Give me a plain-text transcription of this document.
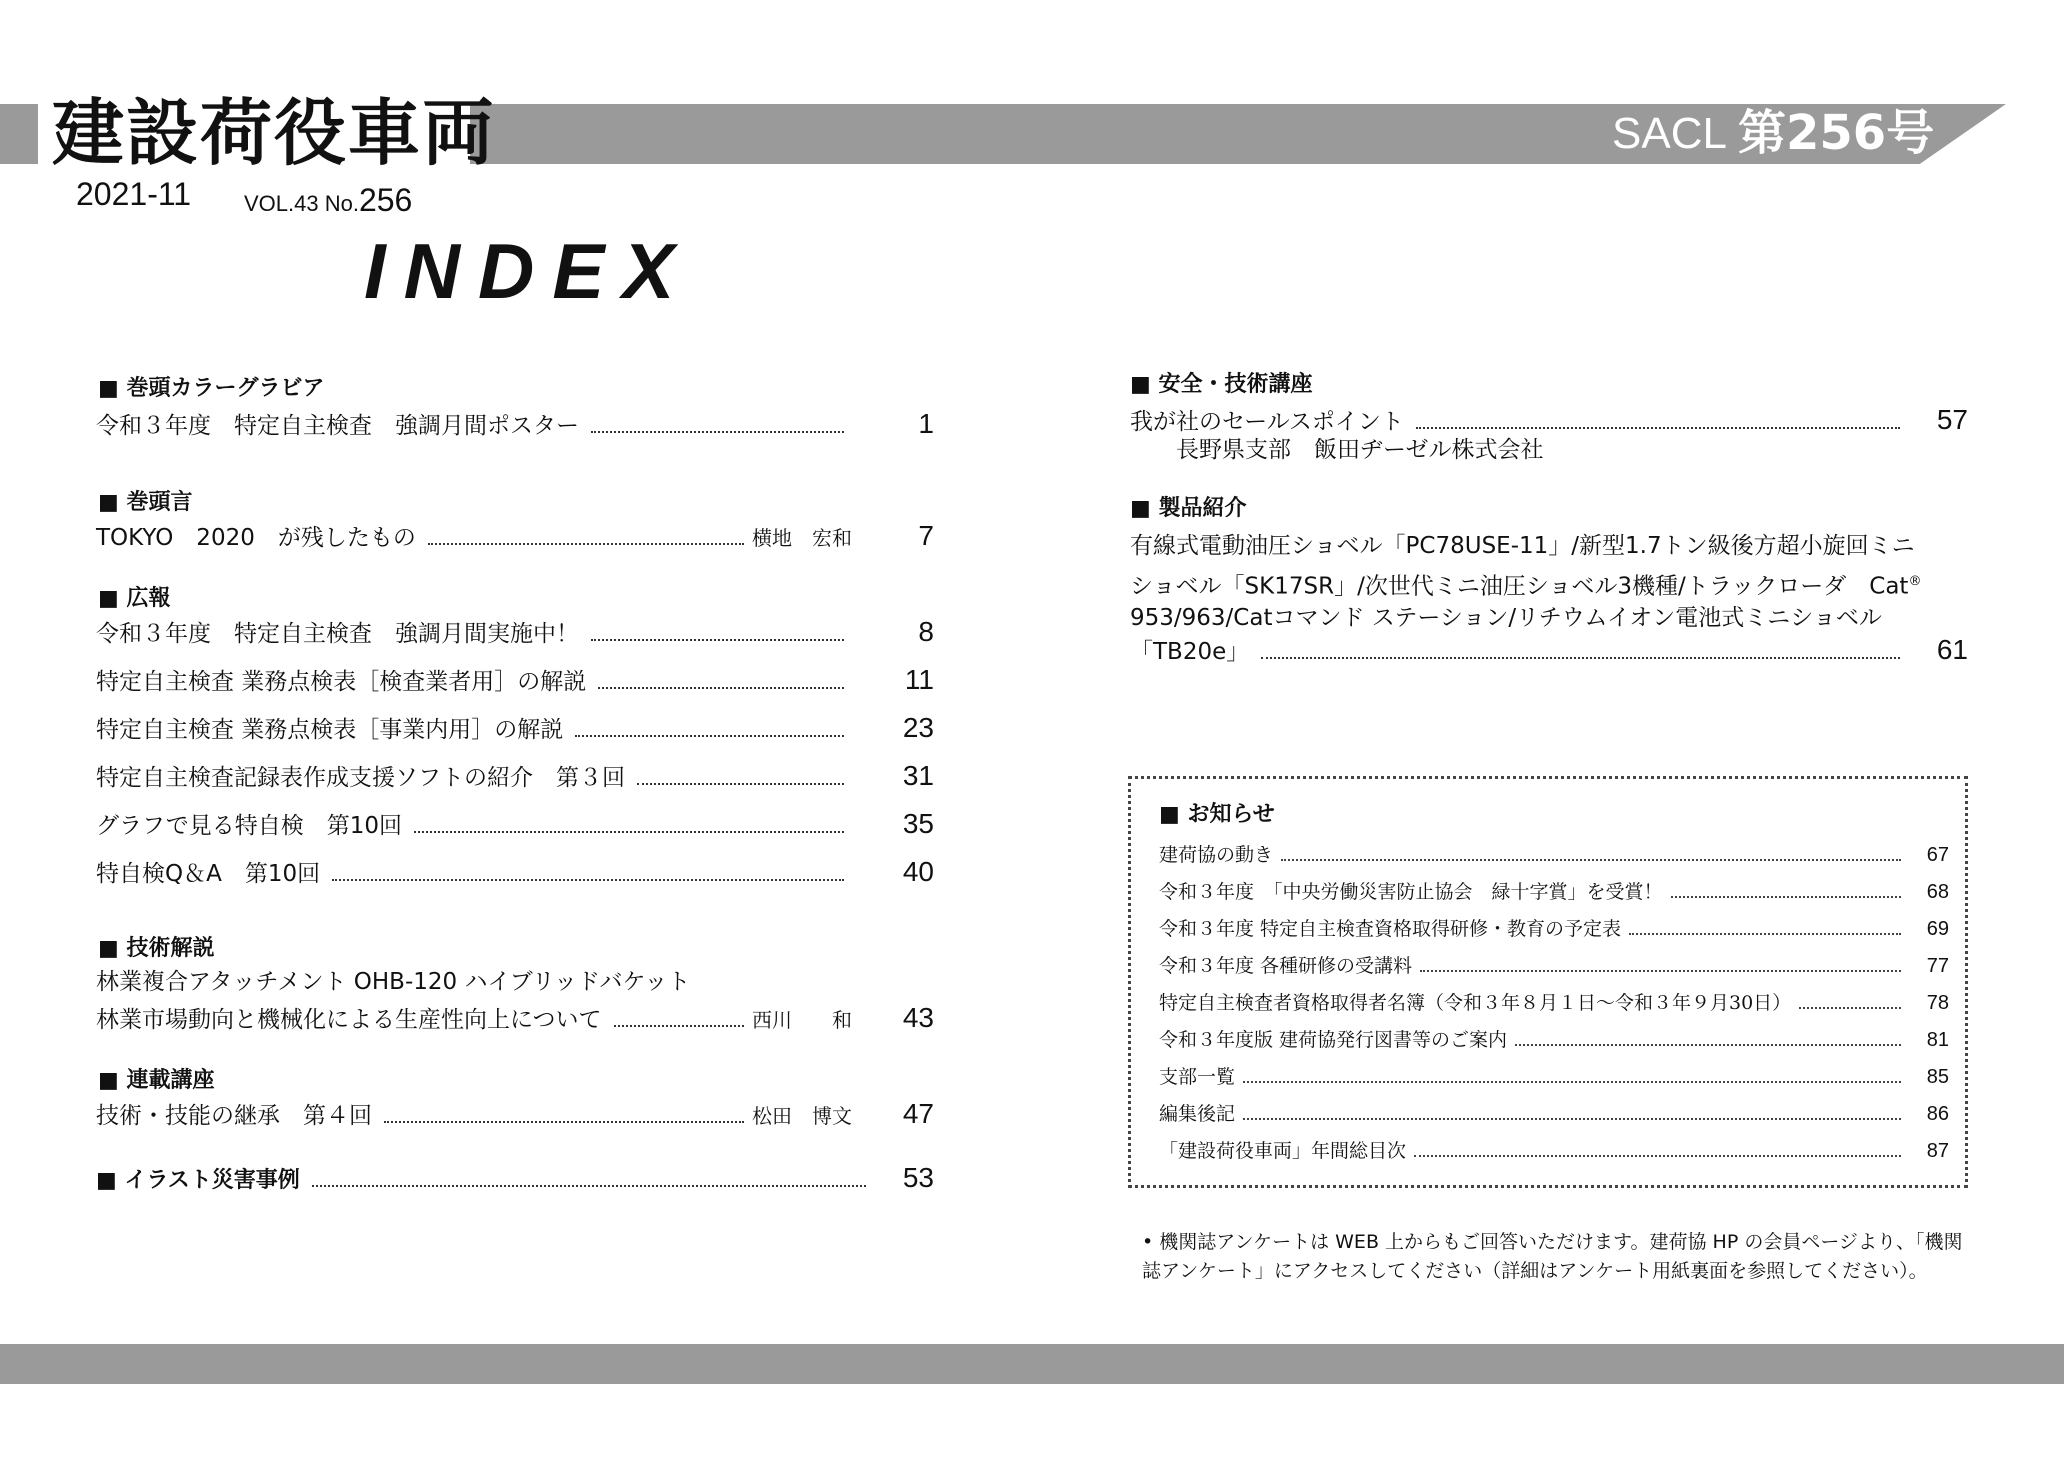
建設荷役車両	SACL 第256号
2021-11 VOL.43 No.256
INDEX
■ 巻頭カラーグラビア
令和３年度　特定自主検査　強調月間ポスター	1
■ 巻頭言
TOKYO　2020　が残したもの	横地　宏和	7
■ 広報
令和３年度　特定自主検査　強調月間実施中！	8
特定自主検査 業務点検表［検査業者用］の解説	11
特定自主検査 業務点検表［事業内用］の解説	23
特定自主検査記録表作成支援ソフトの紹介　第３回	31
グラフで見る特自検　第10回	35
特自検Q＆A　第10回	40
■ 技術解説
林業複合アタッチメント OHB-120 ハイブリッドバケット
林業市場動向と機械化による生産性向上について	西川　　和	43
■ 連載講座
技術・技能の継承　第４回	松田　博文	47
■ イラスト災害事例	53
■ 安全・技術講座
我が社のセールスポイント	57
長野県支部　飯田ヂーゼル株式会社
■ 製品紹介
有線式電動油圧ショベル「PC78USE-11」/新型1.7トン級後方超小旋回ミニ
ショベル「SK17SR」/次世代ミニ油圧ショベル3機種/トラックローダ　Cat®
953/963/Catコマンド ステーション/リチウムイオン電池式ミニショベル
「TB20e」	61
■ お知らせ
建荷協の動き	67
令和３年度　「中央労働災害防止協会　緑十字賞」を受賞！	68
令和３年度 特定自主検査資格取得研修・教育の予定表	69
令和３年度 各種研修の受講料	77
特定自主検査者資格取得者名簿（令和３年８月１日～令和３年９月30日）	78
令和３年度版 建荷協発行図書等のご案内	81
支部一覧	85
編集後記	86
「建設荷役車両」年間総目次	87
• 機関誌アンケートは WEB 上からもご回答いただけます。建荷協 HP の会員ページより、「機関誌アンケート」にアクセスしてください（詳細はアンケート用紙裏面を参照してください）。
